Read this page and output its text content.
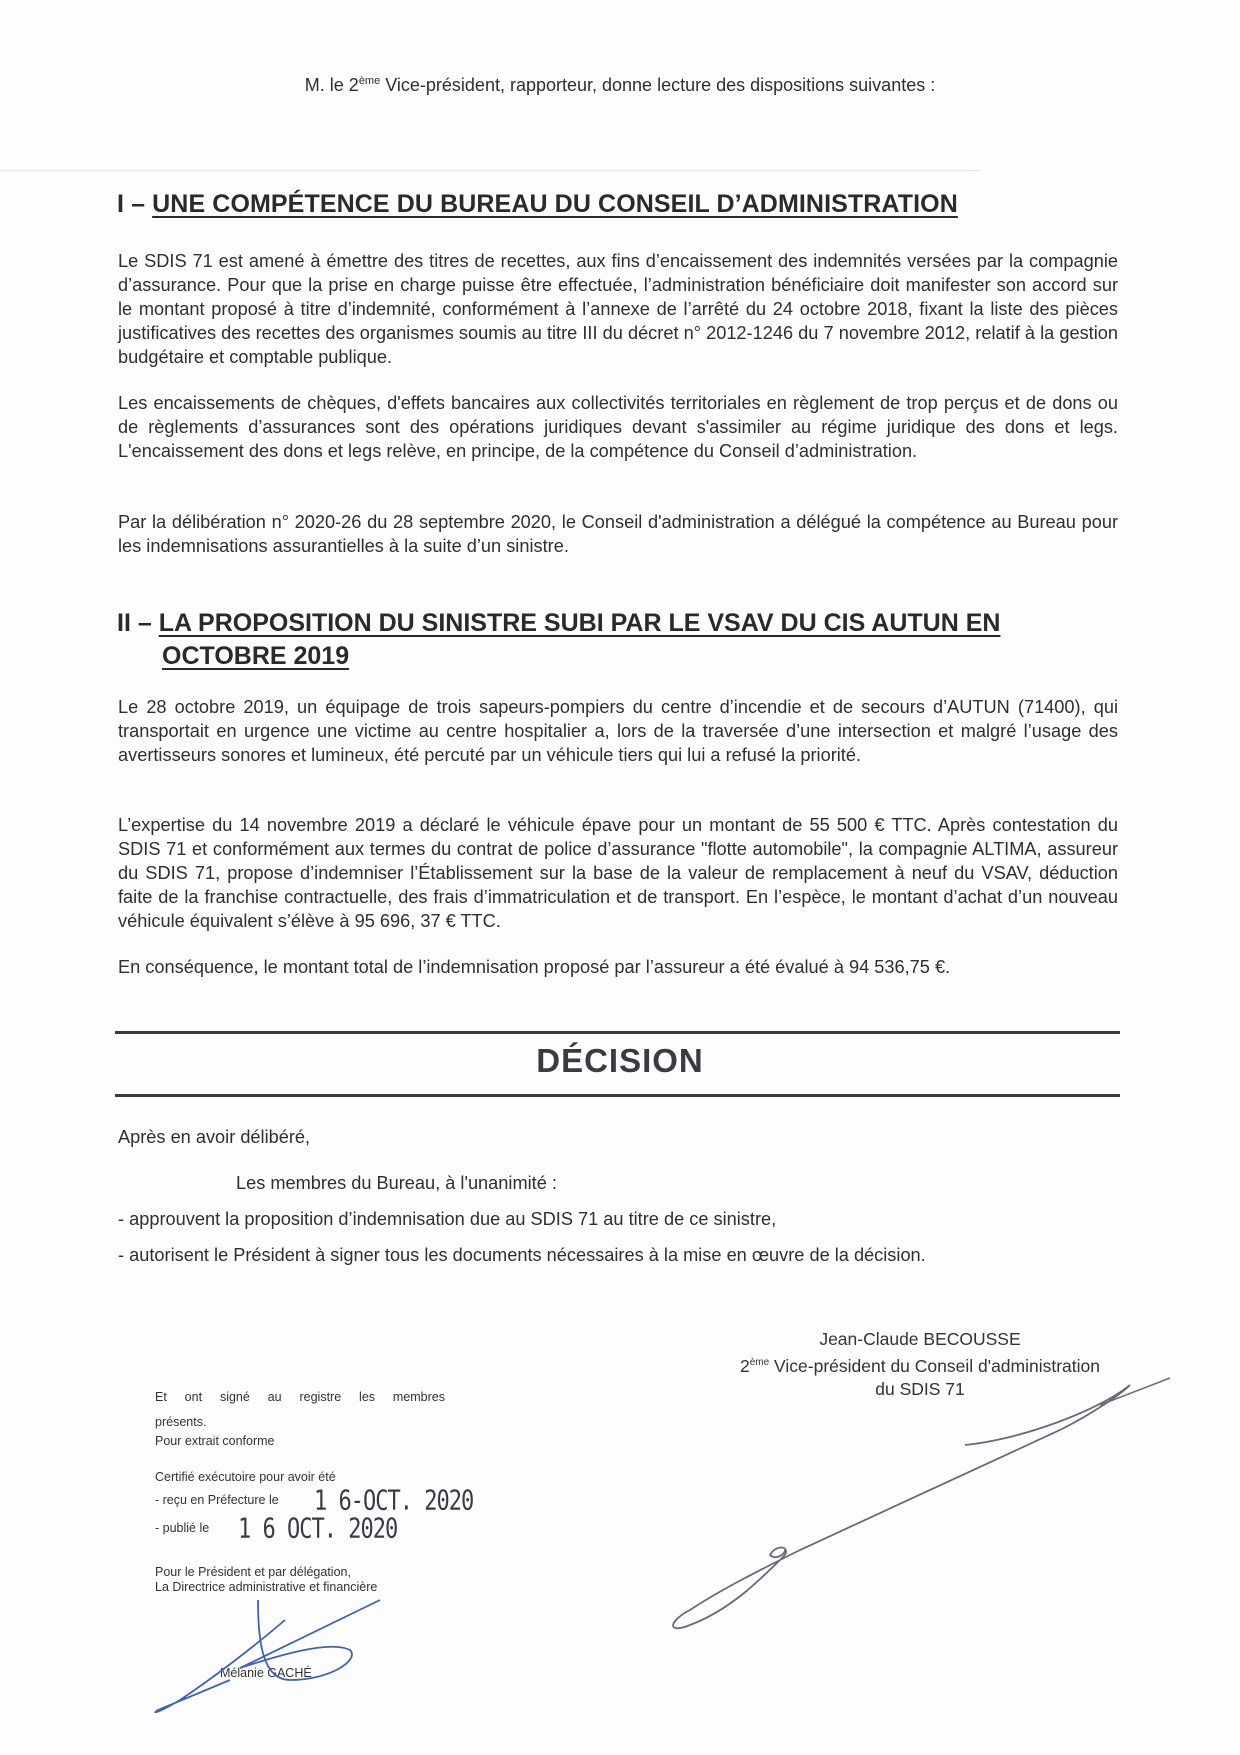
M. le 2ème Vice-président, rapporteur, donne lecture des dispositions suivantes :
I – UNE COMPÉTENCE DU BUREAU DU CONSEIL D’ADMINISTRATION
Le SDIS 71 est amené à émettre des titres de recettes, aux fins d’encaissement des indemnités versées par la compagnie d’assurance. Pour que la prise en charge puisse être effectuée, l’administration bénéficiaire doit manifester son accord sur le montant proposé à titre d’indemnité, conformément à l’annexe de l’arrêté du 24 octobre 2018, fixant la liste des pièces justificatives des recettes des organismes soumis au titre III du décret n° 2012-1246 du 7 novembre 2012, relatif à la gestion budgétaire et comptable publique.
Les encaissements de chèques, d'effets bancaires aux collectivités territoriales en règlement de trop perçus et de dons ou de règlements d’assurances sont des opérations juridiques devant s'assimiler au régime juridique des dons et legs. L'encaissement des dons et legs relève, en principe, de la compétence du Conseil d’administration.
Par la délibération n° 2020-26 du 28 septembre 2020, le Conseil d'administration a délégué la compétence au Bureau pour les indemnisations assurantielles à la suite d’un sinistre.
II – LA PROPOSITION DU SINISTRE SUBI PAR LE VSAV DU CIS AUTUN EN
OCTOBRE 2019
Le 28 octobre 2019, un équipage de trois sapeurs-pompiers du centre d’incendie et de secours d’AUTUN (71400), qui transportait en urgence une victime au centre hospitalier a, lors de la traversée d’une intersection et malgré l’usage des avertisseurs sonores et lumineux, été percuté par un véhicule tiers qui lui a refusé la priorité.
L’expertise du 14 novembre 2019 a déclaré le véhicule épave pour un montant de 55 500 € TTC. Après contestation du SDIS 71 et conformément aux termes du contrat de police d’assurance "flotte automobile", la compagnie ALTIMA, assureur du SDIS 71, propose d’indemniser l’Établissement sur la base de la valeur de remplacement à neuf du VSAV, déduction faite de la franchise contractuelle, des frais d’immatriculation et de transport. En l’espèce, le montant d’achat d’un nouveau véhicule équivalent s’élève à 95 696, 37 € TTC.
En conséquence, le montant total de l’indemnisation proposé par l’assureur a été évalué à 94 536,75 €.
DÉCISION
Après en avoir délibéré,
Les membres du Bureau, à l'unanimité :
- approuvent la proposition d’indemnisation due au SDIS 71 au titre de ce sinistre,
- autorisent le Président à signer tous les documents nécessaires à la mise en œuvre de la décision.
Jean-Claude BECOUSSE
2ème Vice-président du Conseil d'administration
du SDIS 71
Et ont signé au registre les membres
présents.
Pour extrait conforme
Certifié exécutoire pour avoir été
- reçu en Préfecture le 1 6-OCT. 2020
- publié le 1 6 OCT. 2020
Pour le Président et par délégation,
La Directrice administrative et financière
Mélanie GACHÉ
